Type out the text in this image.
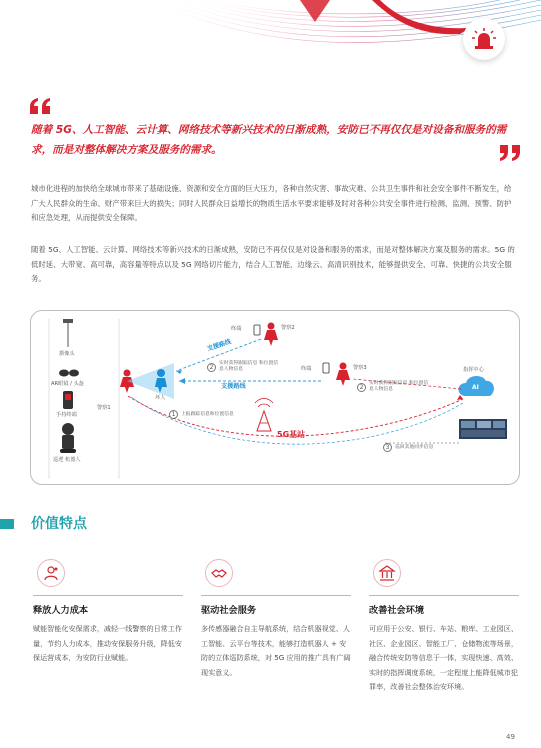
随着 5G、人工智能、云计算、网络技术等新兴技术的日渐成熟，安防已不再仅仅是对设备和服务的需求，而是对整体解决方案及服务的需求。
城市化进程的加快给全球城市带来了基础设施、资源和安全方面的巨大压力，各种自然灾害、事故灾难、公共卫生事件和社会安全事件不断发生，给广大人民群众的生命、财产带来巨大的损失；同时人民群众日益增长的物质生活水平要求能够及时对各种公共安全事件进行检测、监测、预警、防护和应急处理，从而提供安全保障。
随着 5G、人工智能、云计算、网络技术等新兴技术的日渐成熟，安防已不再仅仅是对设备和服务的需求，而是对整体解决方案及服务的需求。5G 的低时延、大带宽、高可靠，高容量等特点以及 5G 网络切片能力，结合人工智能、边缘云、高清识别技术，能够提供安全、可靠、快捷的公共安全服务。
摄像头
AR眼镜 / 头盔
手持终端
巡逻 机器人
警察1
坏人
终端	警察2
终端	警察3	指挥中心
AI
支援路线
支援路线
5G基站
2
实时获得跟踪信息 和位置信息人物信息
2
实时获得跟踪信息 和位置信息人物信息
1	上报跟踪信息和位置信息
3	巡回其他同步信息
价值特点
释放人力成本
赋能智能化安保需求，减轻一线警察的日常工作量，节约人力成本，推动安保服务升级，降低安保运营成本，为安防行业赋能。
驱动社会服务
多传感器融合自主导航系统，结合机器视觉、人工智能、云平台等技术，能够打造机器人 + 安防的立体巡防系统，对 5G 应用的推广具有广阔现实意义。
改善社会环境
可应用于公安、银行、车站、粮库、工业园区、社区、企业园区、智能工厂、仓储物流等场景，融合传统安防等信息于一体，实现快速、高效、实时的指挥调度系统，一定程度上能降低城市犯罪率，改善社会整体治安环境。
49
